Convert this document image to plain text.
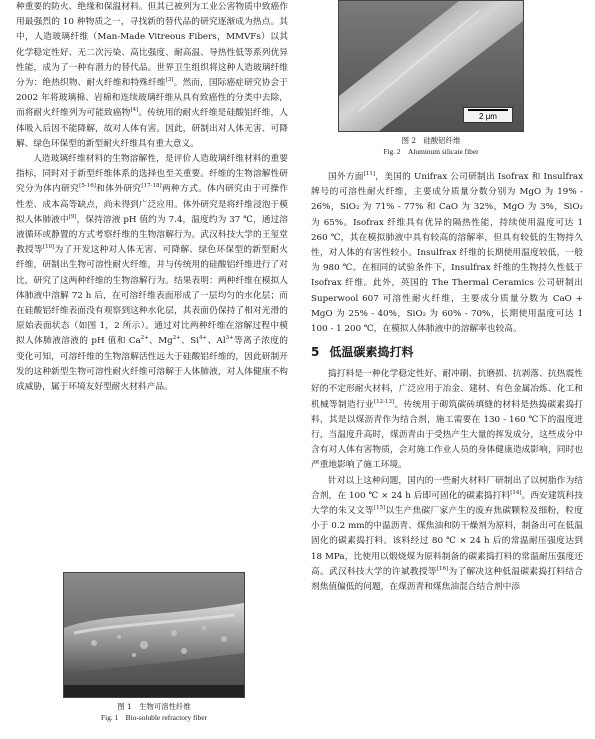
种重要的防火、绝缘和保温材料。但其已被列为工业公害物质中致癌作用最强烈的 10 种物质之一，寻找新的替代品的研究逐渐成为热点。其中，人造玻璃纤维（Man-Made Vitreous Fibers，MMVFs）以其化学稳定性好、无二次污染、高比强度、耐高温、导热性低等系列优异性能，成为了一种有潜力的替代品。世界卫生组织将这种人造玻璃纤维分为：绝热织物、耐火纤维和特殊纤维[3]。然而，国际癌症研究协会于 2002 年将玻璃棉、岩棉和连续玻璃纤维从具有致癌性的分类中去除，而将耐火纤维列为可能致癌物[4]。传统用的耐火纤维是硅酸铝纤维，人体吸入后因不能降解，故对人体有害。因此，研制出对人体无害、可降解、绿色环保型的新型耐火纤维具有重大意义。

人造玻璃纤维材料的生物溶解性，是评价人造玻璃纤维材料的重要指标，同时对于新型纤维体系的选择也至关重要。纤维的生物溶解性研究分为体内研究[5-16]和体外研究[17-18]两种方式。体内研究由于可操作性差、成本高等缺点，尚未得到广泛应用。体外研究是将纤维浸泡于模拟人体肺液中[9]，保持溶液 pH 值约为 7.4，温度约为 37 ℃，通过溶液循环或静置的方式考察纤维的生物溶解行为。武汉科技大学的王玺堂教授等[10]为了开发这种对人体无害、可降解、绿色环保型的新型耐火纤维，研制出生物可溶性耐火纤维，并与传统用的硅酸铝纤维进行了对比，研究了这两种纤维的生物溶解行为。结果表明：两种纤维在模拟人体肺液中溶解 72 h 后，在可溶纤维表面形成了一层均匀的水化层；而在硅酸铝纤维表面没有观察到这种水化层，其表面仍保持了相对光滑的原始表面状态（如图 1，2 所示）。通过对比两种纤维在溶解过程中模拟人体肺液溶液的 pH 值和 $Ca^{2+}$、$Mg^{2+}$、$Si^{4+}$、$Al^{3+}$等离子浓度的变化可知，可溶纤维的生物溶解活性远大于硅酸铝纤维的，因此研制开发的这种新型生物可溶性耐火纤维可溶解于人体肺液，对人体健康不构成威胁，属于环境友好型耐火材料产品。

图 1　生物可溶性纤维
Fig. 1　Bio-soluble refractory fiber
2 μm
图 2　硅酸铝纤维
Fig. 2　Aluminum silicate fiber

国外方面[11]，美国的 Unifrax 公司研制出 Isofrax 和 Insulfrax 牌号的可溶性耐火纤维，主要成分质量分数分别为 MgO 为 19% - 26%，SiO₂ 为 71% - 77% 和 CaO 为 32%，MgO 为 3%，SiO₂ 为 65%。Isofrax 纤维具有优异的隔热性能，持续使用温度可达 1 260 ℃，其在模拟肺液中具有较高的溶解率，但具有较低的生物持久性，对人体的有害性较小。Insulfrax 纤维的长期使用温度较低，一般为 980 ℃。在相同的试验条件下，Insulfrax 纤维的生物持久性低于 Isofrax 纤维。此外，英国的 The Thermal Ceramics 公司研制出 Superwool 607 可溶性耐火纤维，主要成分质量分数为 CaO + MgO 为 25% - 40%，SiO₂ 为 60% - 70%，长期使用温度可达 1 100 - 1 200 ℃，在模拟人体肺液中的溶解率也较高。

5 低温碳素捣打料

捣打料是一种化学稳定性好、耐冲刷、抗磨损、抗剥落、抗热震性好的不定形耐火材料，广泛应用于冶金、建材、有色金属冶炼、化工和机械等制造行业[12-13]。传统用于砌筑碳砖填缝的材料是热捣碳素捣打料，其是以煤沥青作为结合剂，施工需要在 130 - 160 ℃下的温度进行，当温度升高时，煤沥青由于受热产生大量的挥发成分，这些成分中含有对人体有害物质，会对施工作业人员的身体健康造成影响，同时也严重地影响了施工环境。

针对以上这种问题，国内的一些耐火材料厂研制出了以树脂作为结合剂，在 100 ℃ × 24 h 后即可固化的碳素捣打料[14]。西安建筑科技大学的朱又文等[15]以生产焦碳厂家产生的废弃焦碳颗粒及细粉，粒度小于 0.2 mm的中温沥青、煤焦油和防干燥剂为原料，制备出可在低温固化的碳素捣打料。该料经过 80 ℃ × 24 h 后的常温耐压强度达到 18 MPa，比使用以煅烧煤为原料制备的碳素捣打料的常温耐压强度还高。武汉科技大学的许斌教授等[16]为了解决这种低温碳素捣打料结合剂焦值偏低的问题，在煤沥青和煤焦油混合结合剂中添
